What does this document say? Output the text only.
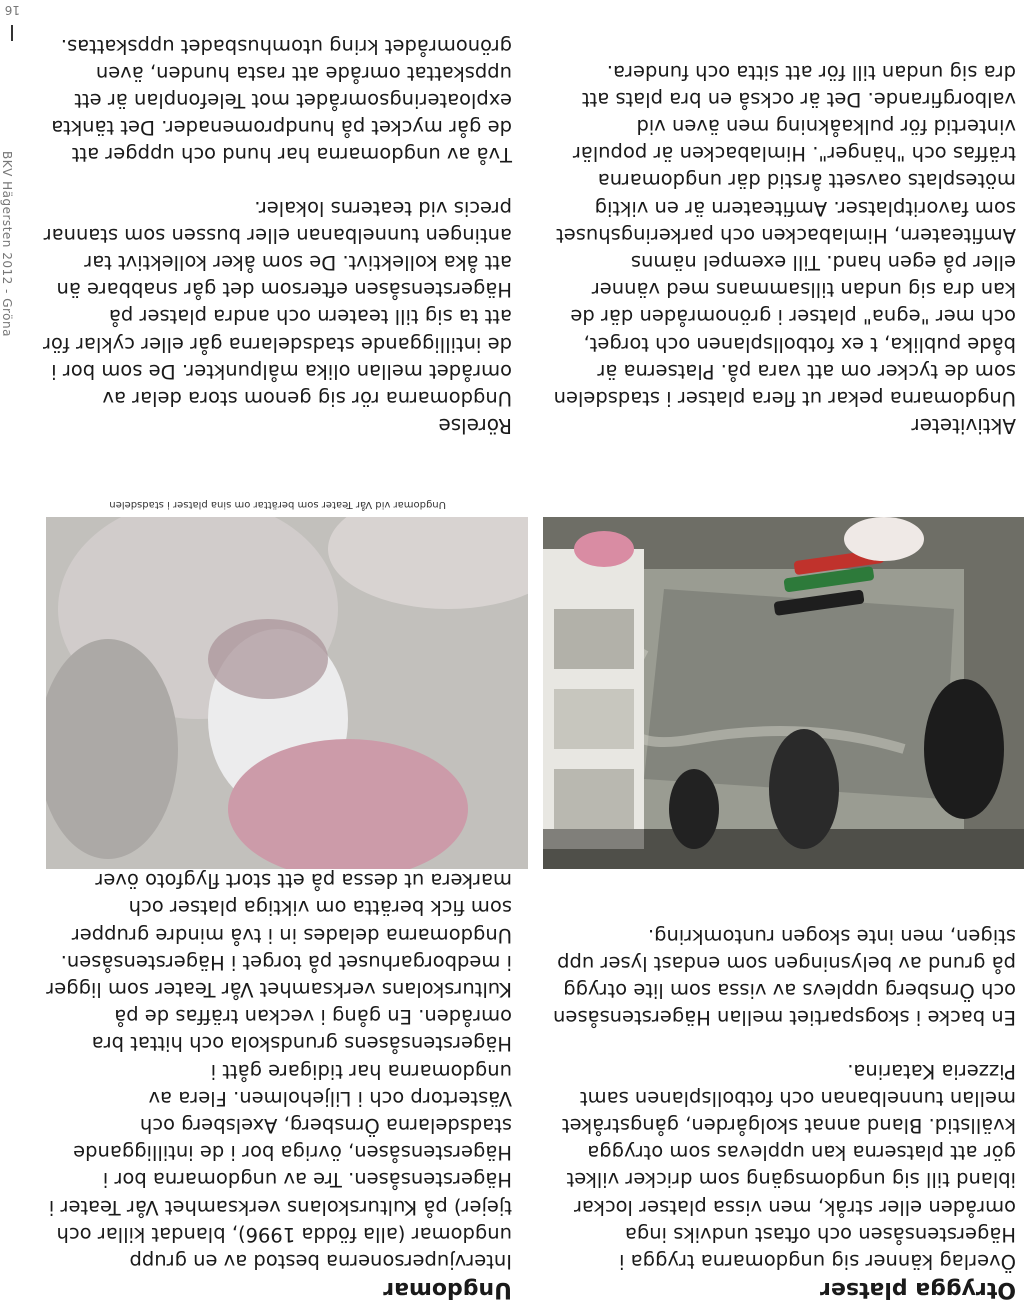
16
BKV Hägersten 2012 - Gröna
Otrygga platser

Överlag känner sig ungdomarna trygga i Hägerstensåsen och oftast undviks inga områden eller stråk, men vissa platser lockar ibland till sig ungdomsgäng som dricker vilket gör att platserna kan upplevas som otrygga kvällstid. Bland annat skolgården, gångstråket mellan tunnelbanan och fotbollsplanen samt Pizzeria Katarina.

En backe i skogspartiet mellan Hägerstensåsen och Örnsberg upplevs av vissa som lite otrygg på grund av belysningen som endast lyser upp stigen, men inte skogen runtomkring.

Ungdomar

Intervjupersonerna bestod av en grupp ungdomar (alla födda 1996), blandat killar och tjejer) på Kulturskolans verksamhet Vår Teater i Hägerstensåsen. Tre av ungdomarna bor i Hägerstensåsen, övriga bor i de intilliggande stadsdelarna Örnsberg, Axelsberg och Västertorp och i Liljeholmen. Flera av ungdomarna har tidigare gått i Hägerstensåsens grundskola och hittat bra områden. En gång i veckan träffas de på Kulturskolans verksamhet Vår Teater som ligger i medborgarhuset på torget i Hägerstensåsen. Ungdomarna delades in i två mindre grupper som fick berätta om viktiga platser och markera ut dessa på ett stort flygfoto över

Ungdomar vid Vår Teater som berättar om sina platser i stadsdelen
Aktiviteter

Ungdomarna pekar ut flera platser i stadsdelen som de tycker om att vara på. Platserna är både publika, t ex fotbollsplanen och torget, och mer "egna" platser i grönområden där de kan dra sig undan tillsammans med vänner eller på egen hand. Till exempel nämns Amfiteatern, Himlabacken och parkeringshuset som favoritplatser. Amfiteatern är en viktig mötesplats oavsett årstid där ungdomarna träffas och "hänger". Himlabacken är populär vintertid för pulkaåkning men även vid valborgfirande. Det är också en bra plats att dra sig undan till för att sitta och fundera.

Rörelse

Ungdomarna rör sig genom stora delar av området mellan olika målpunkter. De som bor i de intilliggande stadsdelarna går eller cyklar för att ta sig till teatern och andra platser på Hägerstensåsen eftersom det går snabbare än att åka kollektivt. De som åker kollektivt tar antingen tunnelbanan eller bussen som stannar precis vid teaterns lokaler.

Två av ungdomarna har hund och uppger att de går mycket på hundpromenader. Det tänkta exploateringsområdet mot Telefonplan är ett uppskattat område att rasta hunden, även grönområdet kring utomhusbadet uppskattas.
